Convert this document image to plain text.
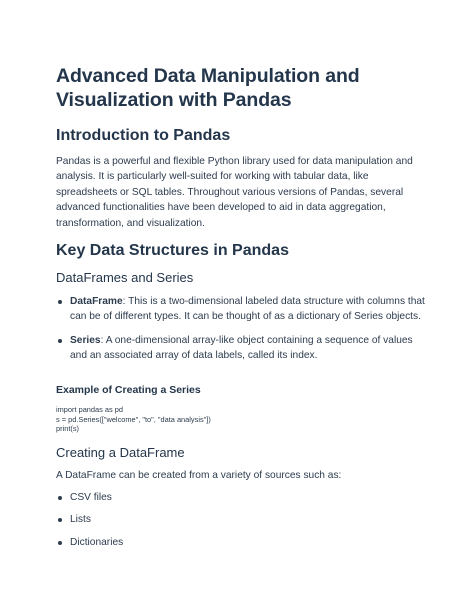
Advanced Data Manipulation and
Visualization with Pandas
Introduction to Pandas

Pandas is a powerful and flexible Python library used for data manipulation and analysis. It is particularly well-suited for working with tabular data, like spreadsheets or SQL tables. Throughout various versions of Pandas, several advanced functionalities have been developed to aid in data aggregation, transformation, and visualization.

Key Data Structures in Pandas
DataFrames and Series
DataFrame: This is a two-dimensional labeled data structure with columns that can be of different types. It can be thought of as a dictionary of Series objects.
Series: A one-dimensional array-like object containing a sequence of values and an associated array of data labels, called its index.
Example of Creating a Series
import pandas as pd
s = pd.Series(["welcome", "to", "data analysis"])
print(s)
Creating a DataFrame

A DataFrame can be created from a variety of sources such as:

CSV files
Lists
Dictionaries
